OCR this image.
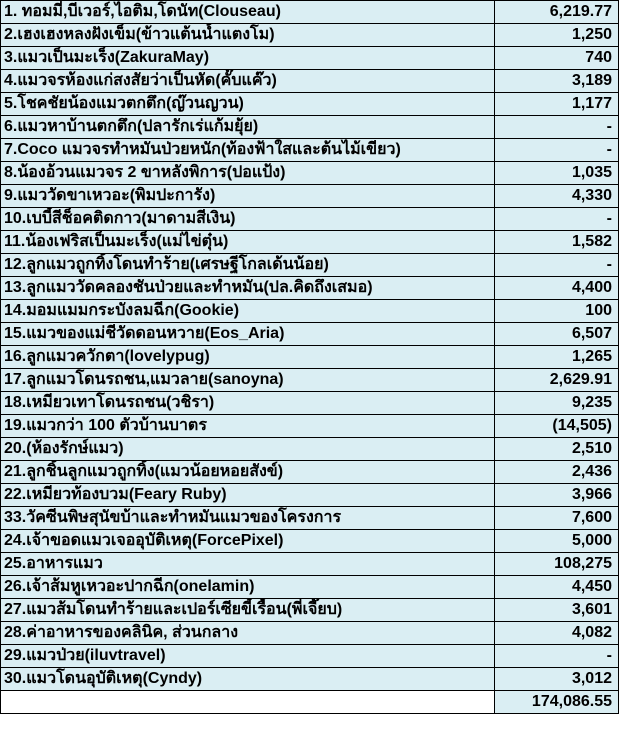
1. ทอมมี่,บีเวอร์,ไอติม,โดนัท(Clouseau)	6,219.77
2.เฮงเฮงหลงฝังเข็ม(ข้าวแต้นน้ำแตงโม)	1,250
3.แมวเป็นมะเร็ง(ZakuraMay)	740
4.แมวจรห้องแก่สงสัยว่าเป็นหัด(คั๊บแค๊ว)	3,189
5.โชคชัยน้องแมวตกตึก(ญ๊วนญวน)	1,177
6.แมวหาบ้านตกตึก(ปลารักเร่แก้มยุ้ย)	-
7.Coco แมวจรทำหมันป่วยหนัก(ท้องฟ้าใสและต้นไม้เขียว)	-
8.น้องอ้วนแมวจร 2 ขาหลังพิการ(ปอแป้ง)	1,035
9.แมววัดขาเหวอะ(พิมปะการัง)	4,330
10.เบบี้สีช็อคติดกาว(มาดามสีเงิน)	-
11.น้องเฟริสเป็นมะเร็ง(แม่ไข่ตุ๋น)	1,582
12.ลูกแมวถูกทิ้งโดนทำร้าย(เศรษฐีโกลเด้นน้อย)	-
13.ลูกแมววัดคลองชันป่วยและทำหมัน(ปล.คิดถึงเสมอ)	4,400
14.มอมแมมกระบังลมฉีก(Gookie)	100
15.แมวของแม่ชีวัดดอนหวาย(Eos_Aria)	6,507
16.ลูกแมวควักตา(lovelypug)	1,265
17.ลูกแมวโดนรถชน,แมวลาย(sanoyna)	2,629.91
18.เหมียวเทาโดนรถชน(วชิรา)	9,235
19.แมวกว่า 100 ตัวบ้านบาตร	(14,505)
20.(ห้องรักษ์แมว)	2,510
21.ลูกชิ้นลูกแมวถูกทิ้ง(แมวน้อยหอยสังข์)	2,436
22.เหมียวท้องบวม(Feary Ruby)	3,966
33.วัคซีนพิษสุนัขบ้าและทำหมันแมวของโครงการ	7,600
24.เจ้าขอดแมวเจออุบัติเหตุ(ForcePixel)	5,000
25.อาหารแมว	108,275
26.เจ้าส้มหูเหวอะปากฉีก(onelamin)	4,450
27.แมวส้มโดนทำร้ายและเปอร์เซียขี้เรื้อน(พี่เจี๊ยบ)	3,601
28.ค่าอาหารของคลินิค, ส่วนกลาง	4,082
29.แมวป่วย(iluvtravel)	-
30.แมวโดนอุบัติเหตุ(Cyndy)	3,012
	174,086.55
